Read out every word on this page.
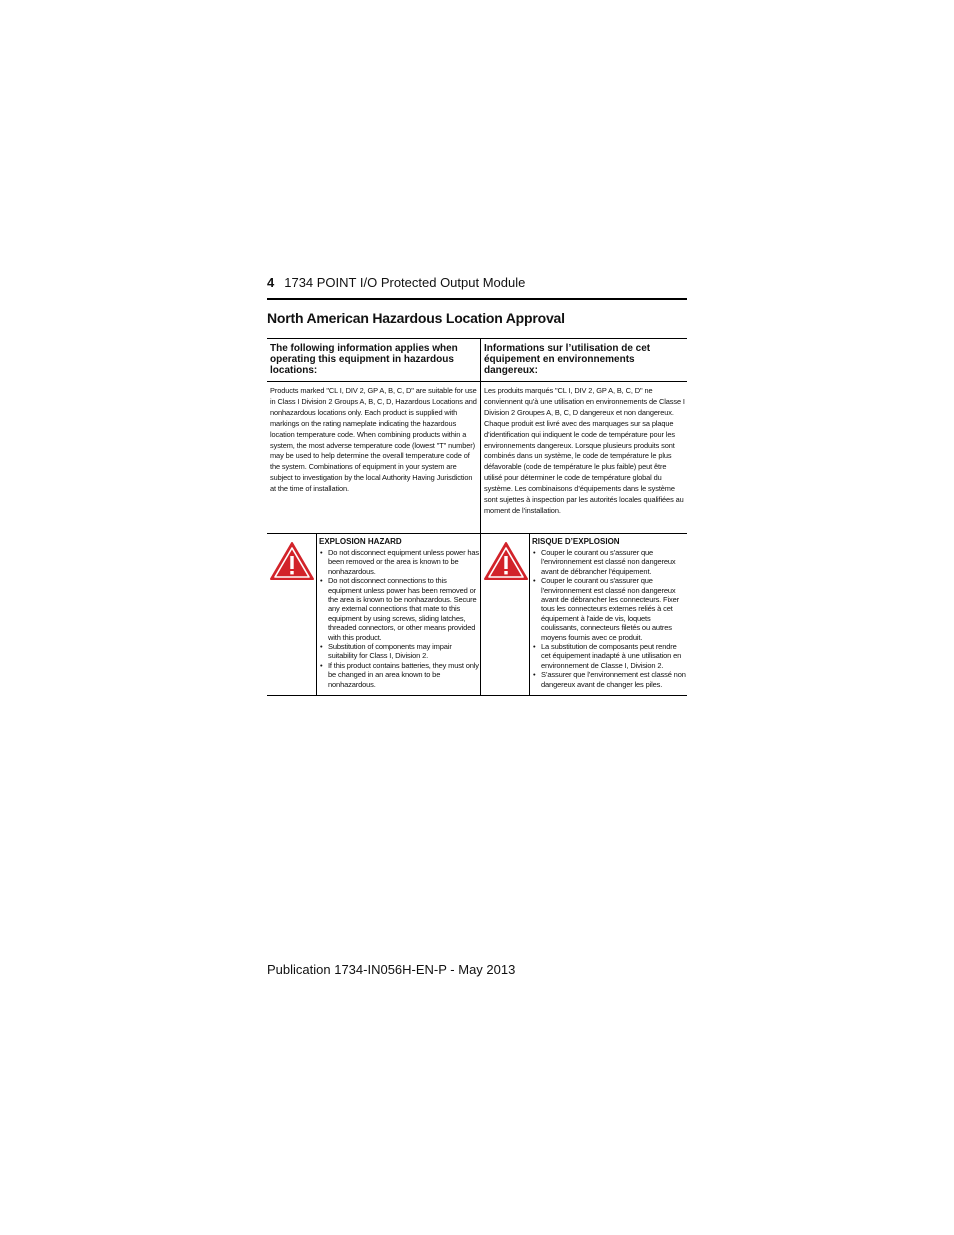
4 1734 POINT I/O Protected Output Module
North American Hazardous Location Approval
The following information applies when operating this equipment in hazardous locations:
Informations sur l’utilisation de cet équipement en environnements dangereux:
Products marked "CL I, DIV 2, GP A, B, C, D" are suitable for use in Class I Division 2 Groups A, B, C, D, Hazardous Locations and nonhazardous locations only. Each product is supplied with markings on the rating nameplate indicating the hazardous location temperature code. When combining products within a system, the most adverse temperature code (lowest "T" number) may be used to help determine the overall temperature code of the system. Combinations of equipment in your system are subject to investigation by the local Authority Having Jurisdiction at the time of installation.
Les produits marqués "CL I, DIV 2, GP A, B, C, D" ne conviennent qu’à une utilisation en environnements de Classe I Division 2 Groupes A, B, C, D dangereux et non dangereux. Chaque produit est livré avec des marquages sur sa plaque d’identification qui indiquent le code de température pour les environnements dangereux. Lorsque plusieurs produits sont combinés dans un système, le code de température le plus défavorable (code de température le plus faible) peut être utilisé pour déterminer le code de température global du système. Les combinaisons d’équipements dans le système sont sujettes à inspection par les autorités locales qualifiées au moment de l’installation.
EXPLOSION HAZARD
• Do not disconnect equipment unless power has been removed or the area is known to be nonhazardous.
• Do not disconnect connections to this equipment unless power has been removed or the area is known to be nonhazardous. Secure any external connections that mate to this equipment by using screws, sliding latches, threaded connectors, or other means provided with this product.
• Substitution of components may impair suitability for Class I, Division 2.
• If this product contains batteries, they must only be changed in an area known to be nonhazardous.
RISQUE D’EXPLOSION
• Couper le courant ou s’assurer que l’environnement est classé non dangereux avant de débrancher l'équipement.
• Couper le courant ou s'assurer que l’environnement est classé non dangereux avant de débrancher les connecteurs. Fixer tous les connecteurs externes reliés à cet équipement à l'aide de vis, loquets coulissants, connecteurs filetés ou autres moyens fournis avec ce produit.
• La substitution de composants peut rendre cet équipement inadapté à une utilisation en environnement de Classe I, Division 2.
• S’assurer que l’environnement est classé non dangereux avant de changer les piles.
Publication 1734-IN056H-EN-P - May 2013
